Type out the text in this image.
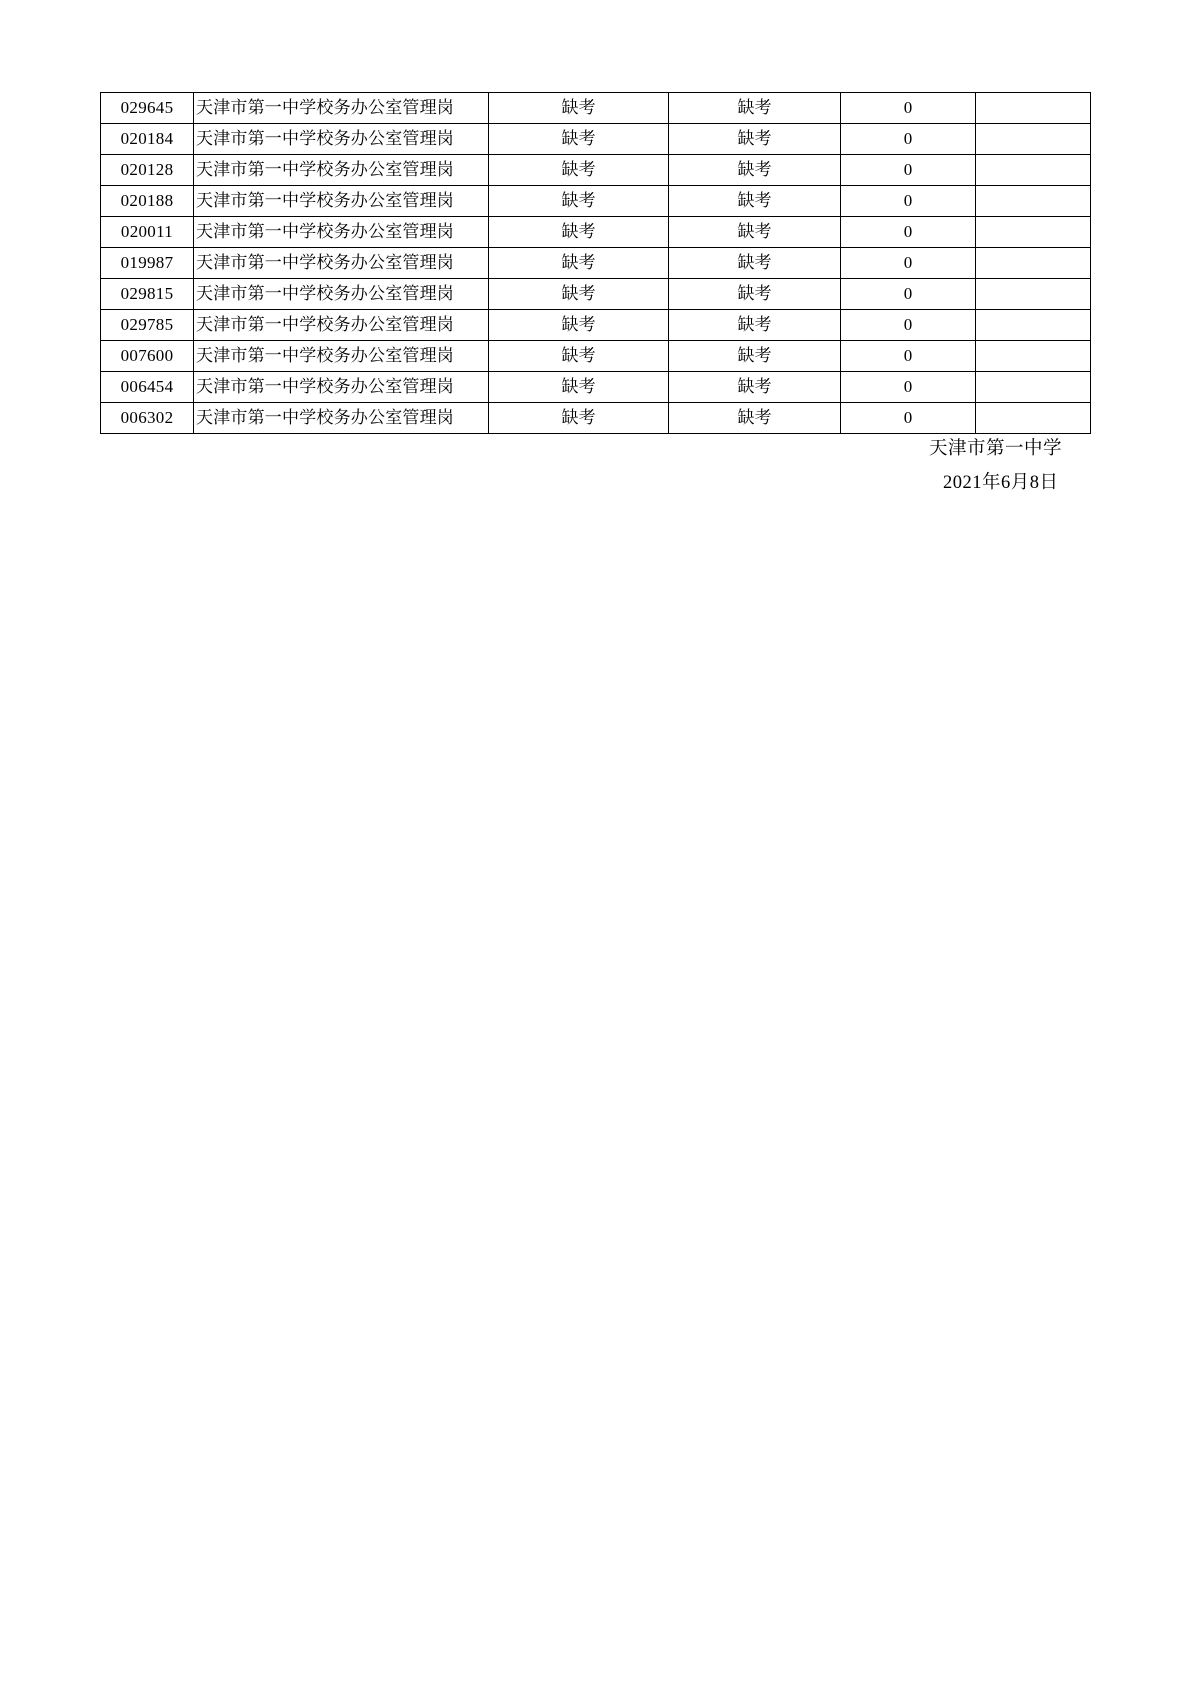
029645	天津市第一中学校务办公室管理岗	缺考	缺考	0	
020184	天津市第一中学校务办公室管理岗	缺考	缺考	0	
020128	天津市第一中学校务办公室管理岗	缺考	缺考	0	
020188	天津市第一中学校务办公室管理岗	缺考	缺考	0	
020011	天津市第一中学校务办公室管理岗	缺考	缺考	0	
019987	天津市第一中学校务办公室管理岗	缺考	缺考	0	
029815	天津市第一中学校务办公室管理岗	缺考	缺考	0	
029785	天津市第一中学校务办公室管理岗	缺考	缺考	0	
007600	天津市第一中学校务办公室管理岗	缺考	缺考	0	
006454	天津市第一中学校务办公室管理岗	缺考	缺考	0	
006302	天津市第一中学校务办公室管理岗	缺考	缺考	0	
天津市第一中学
2021年6月8日
